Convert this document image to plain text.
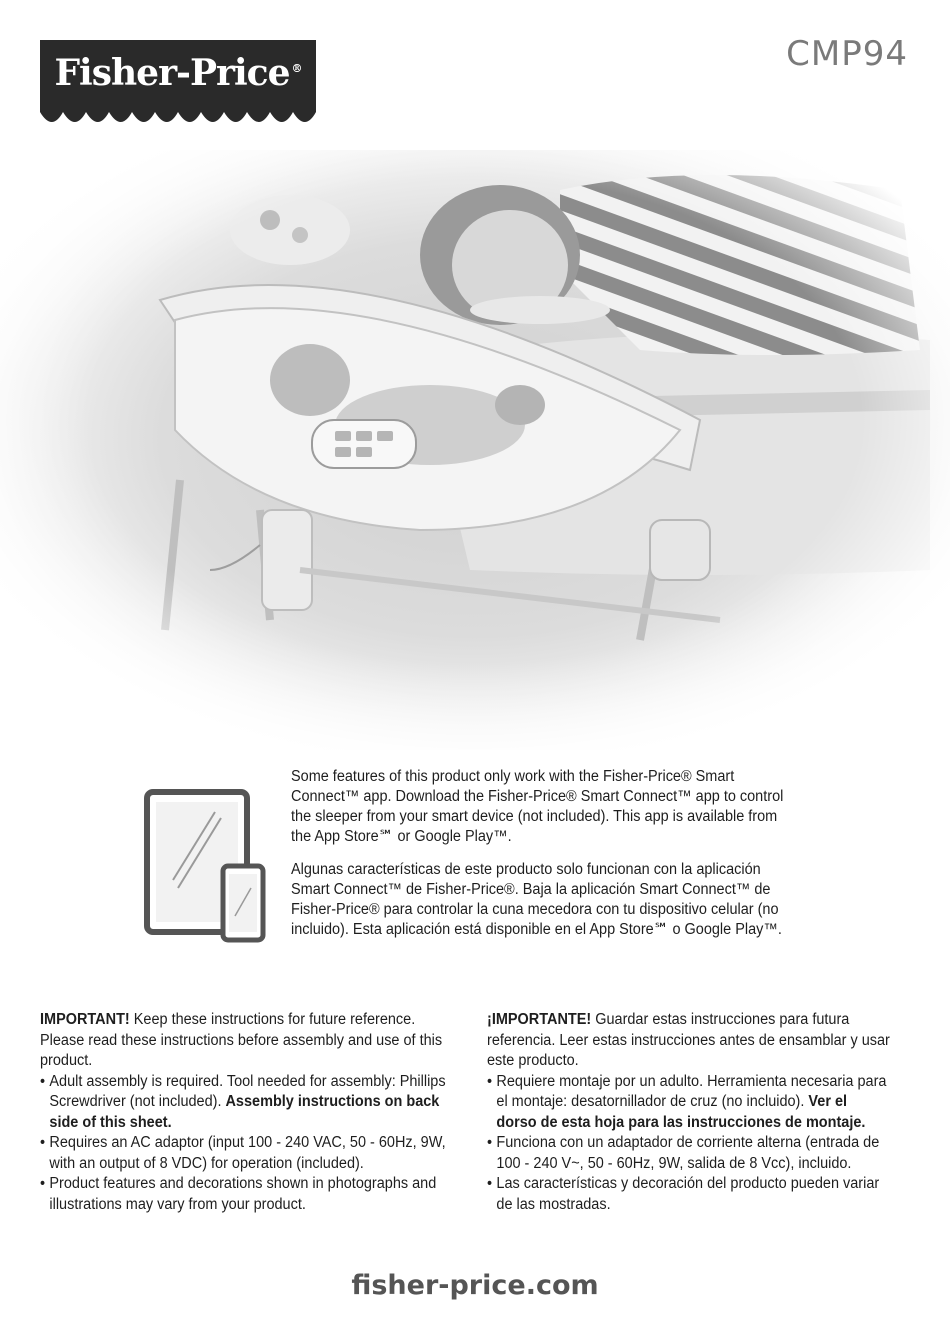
Fisher-Price ®	CMP94

Some features of this product only work with the Fisher-Price® Smart Connect™ app. Download the Fisher-Price® Smart Connect™ app to control the sleeper from your smart device (not included). This app is available from the App Store℠ or Google Play™.

Algunas características de este producto solo funcionan con la aplicación Smart Connect™ de Fisher-Price®. Baja la aplicación Smart Connect™ de Fisher-Price® para controlar la cuna mecedora con tu dispositivo celular (no incluido). Esta aplicación está disponible en el App Store℠ o Google Play™.

IMPORTANT! Keep these instructions for future reference. Please read these instructions before assembly and use of this product.

• Adult assembly is required. Tool needed for assembly: Phillips Screwdriver (not included). Assembly instructions on back side of this sheet.
• Requires an AC adaptor (input 100 - 240 VAC, 50 - 60Hz, 9W, with an output of 8 VDC) for operation (included).
• Product features and decorations shown in photographs and illustrations may vary from your product.

¡IMPORTANTE! Guardar estas instrucciones para futura referencia. Leer estas instrucciones antes de ensamblar y usar este producto.

• Requiere montaje por un adulto. Herramienta necesaria para el montaje: desatornillador de cruz (no incluido). Ver el dorso de esta hoja para las instrucciones de montaje.
• Funciona con un adaptador de corriente alterna (entrada de 100 - 240 V~, 50 - 60Hz, 9W, salida de 8 Vcc), incluido.
• Las características y decoración del producto pueden variar de las mostradas.
fisher-price.com
